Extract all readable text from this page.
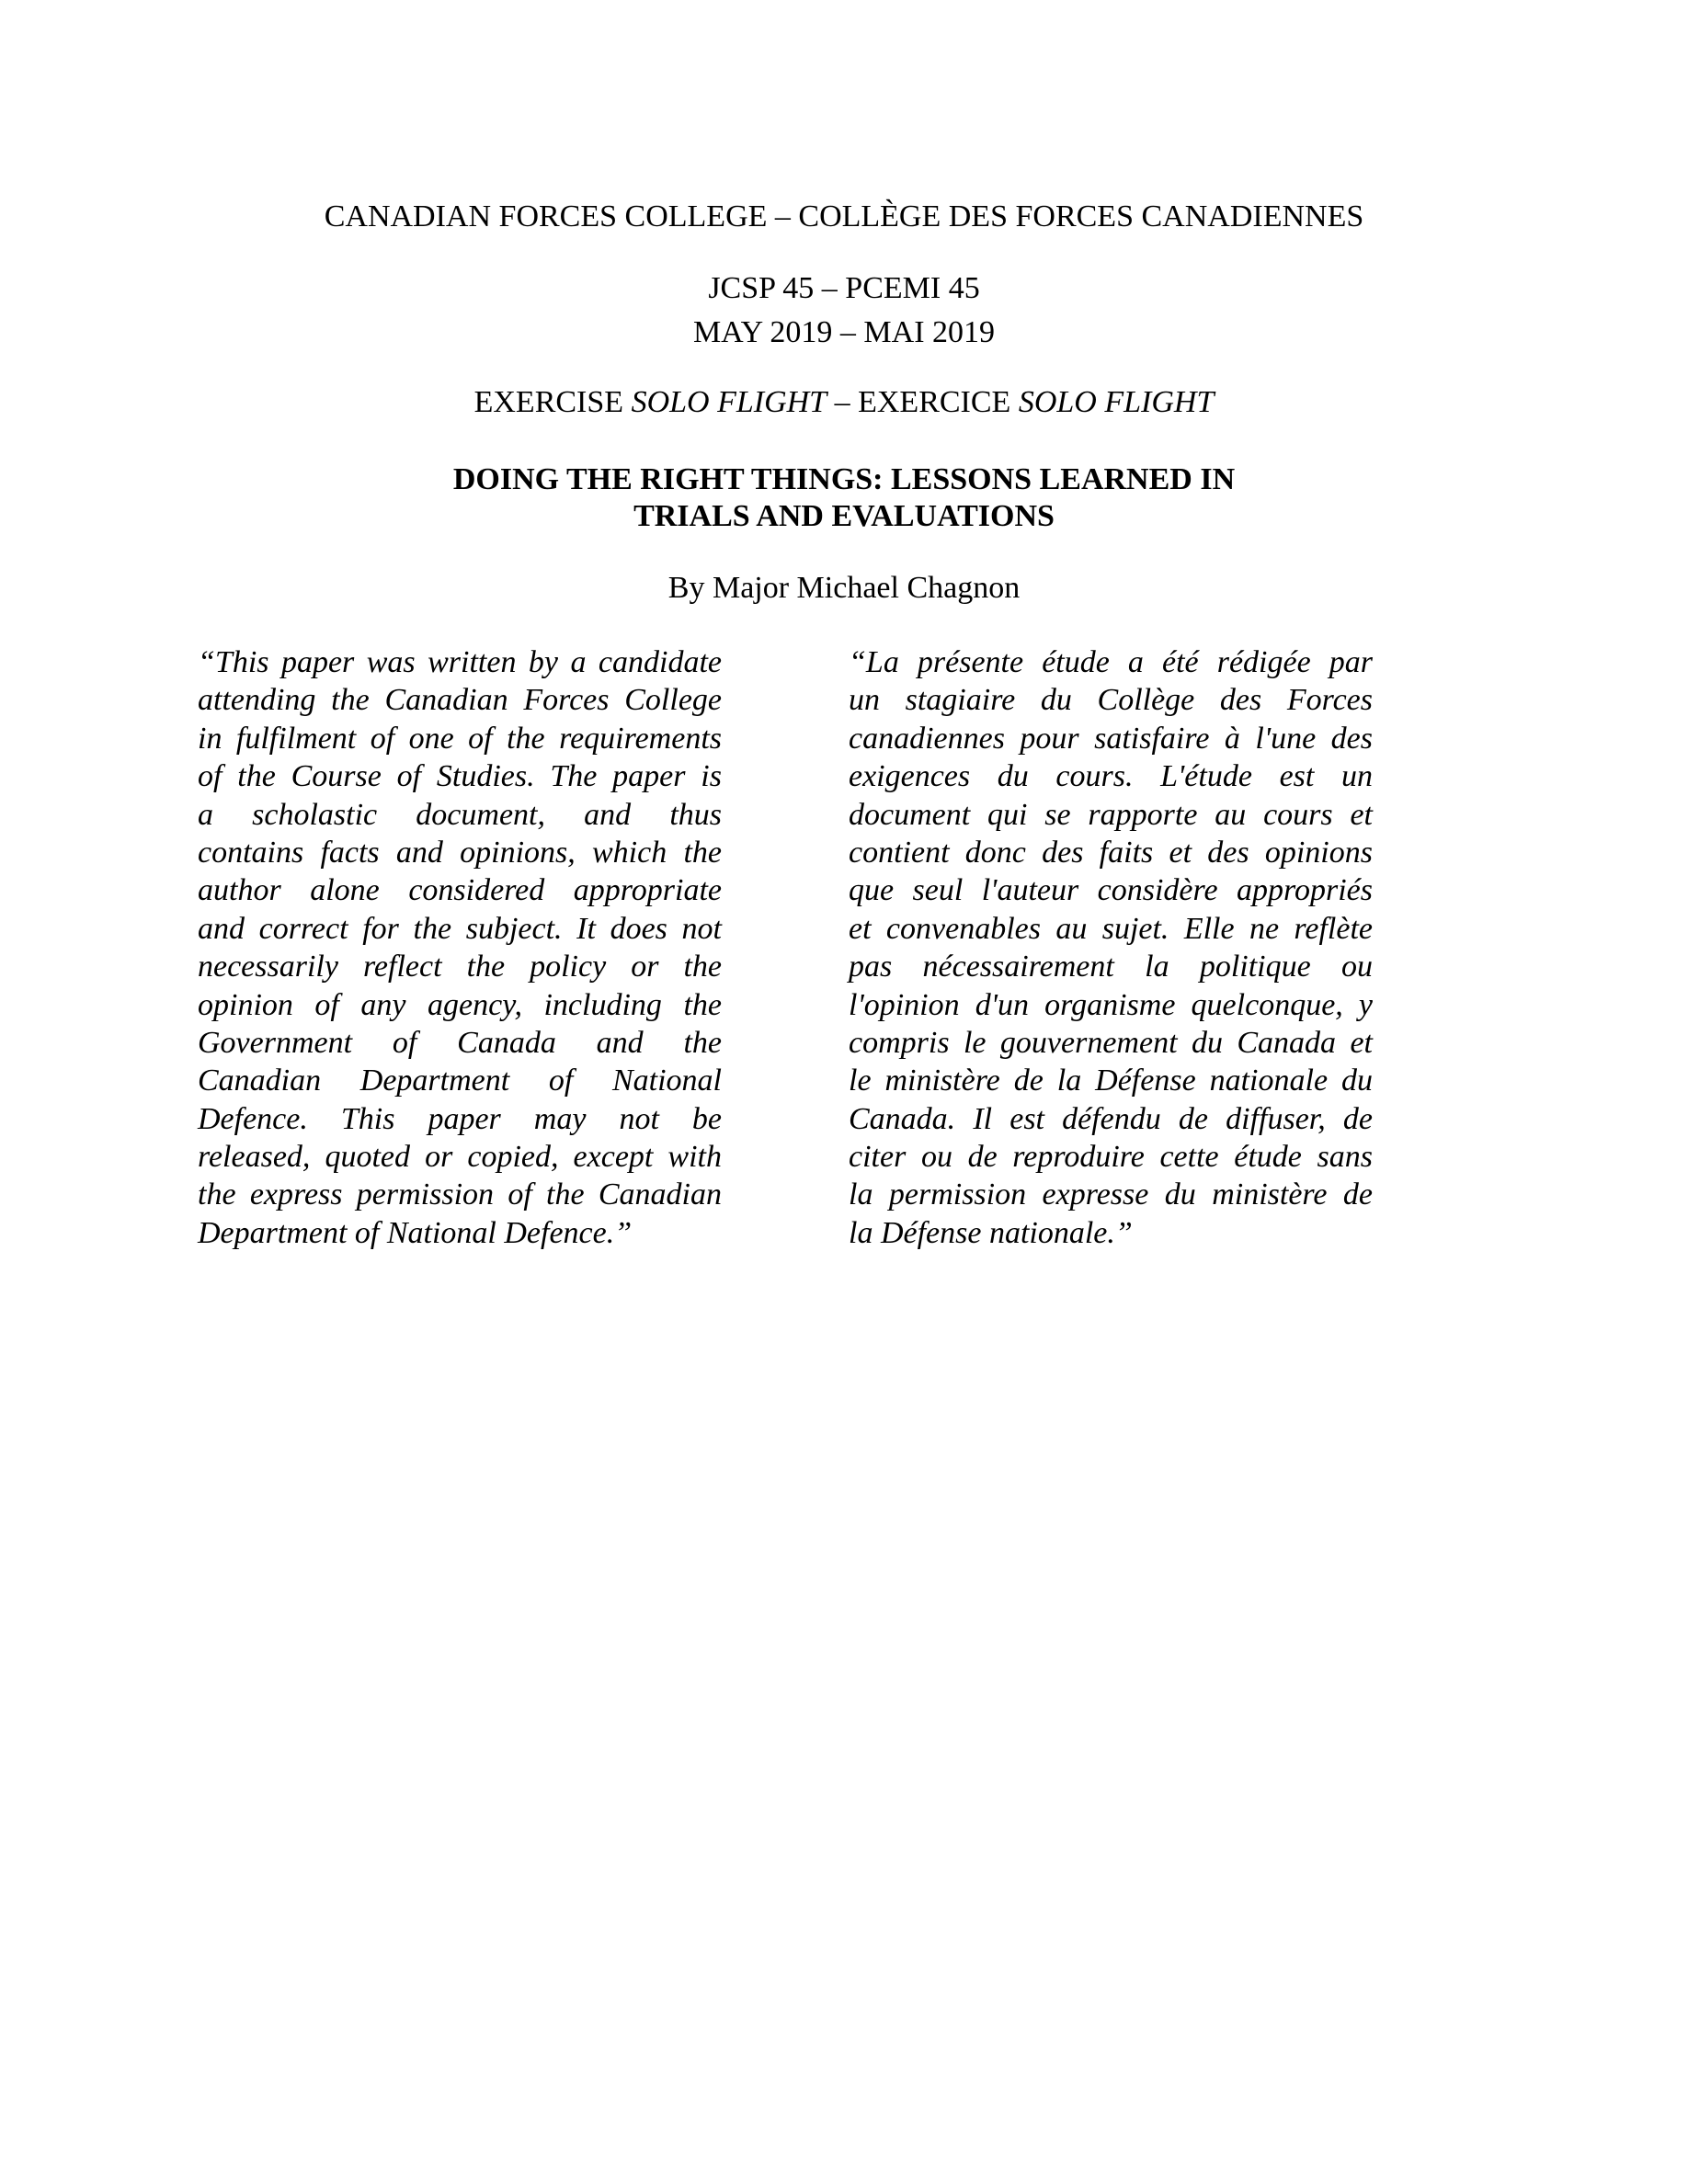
CANADIAN FORCES COLLEGE – COLLÈGE DES FORCES CANADIENNES
JCSP 45 – PCEMI 45
MAY 2019 – MAI 2019
EXERCISE SOLO FLIGHT – EXERCICE SOLO FLIGHT
DOING THE RIGHT THINGS: LESSONS LEARNED IN
TRIALS AND EVALUATIONS
By Major Michael Chagnon
“This paper was written by a candidate
attending the Canadian Forces College
in fulfilment of one of the requirements
of the Course of Studies. The paper is
a scholastic document, and thus
contains facts and opinions, which the
author alone considered appropriate
and correct for the subject. It does not
necessarily reflect the policy or the
opinion of any agency, including the
Government of Canada and the
Canadian Department of National
Defence. This paper may not be
released, quoted or copied, except with
the express permission of the Canadian
Department of National Defence.”
“La présente étude a été rédigée par
un stagiaire du Collège des Forces
canadiennes pour satisfaire à l'une des
exigences du cours. L'étude est un
document qui se rapporte au cours et
contient donc des faits et des opinions
que seul l'auteur considère appropriés
et convenables au sujet. Elle ne reflète
pas nécessairement la politique ou
l'opinion d'un organisme quelconque, y
compris le gouvernement du Canada et
le ministère de la Défense nationale du
Canada. Il est défendu de diffuser, de
citer ou de reproduire cette étude sans
la permission expresse du ministère de
la Défense nationale.”
